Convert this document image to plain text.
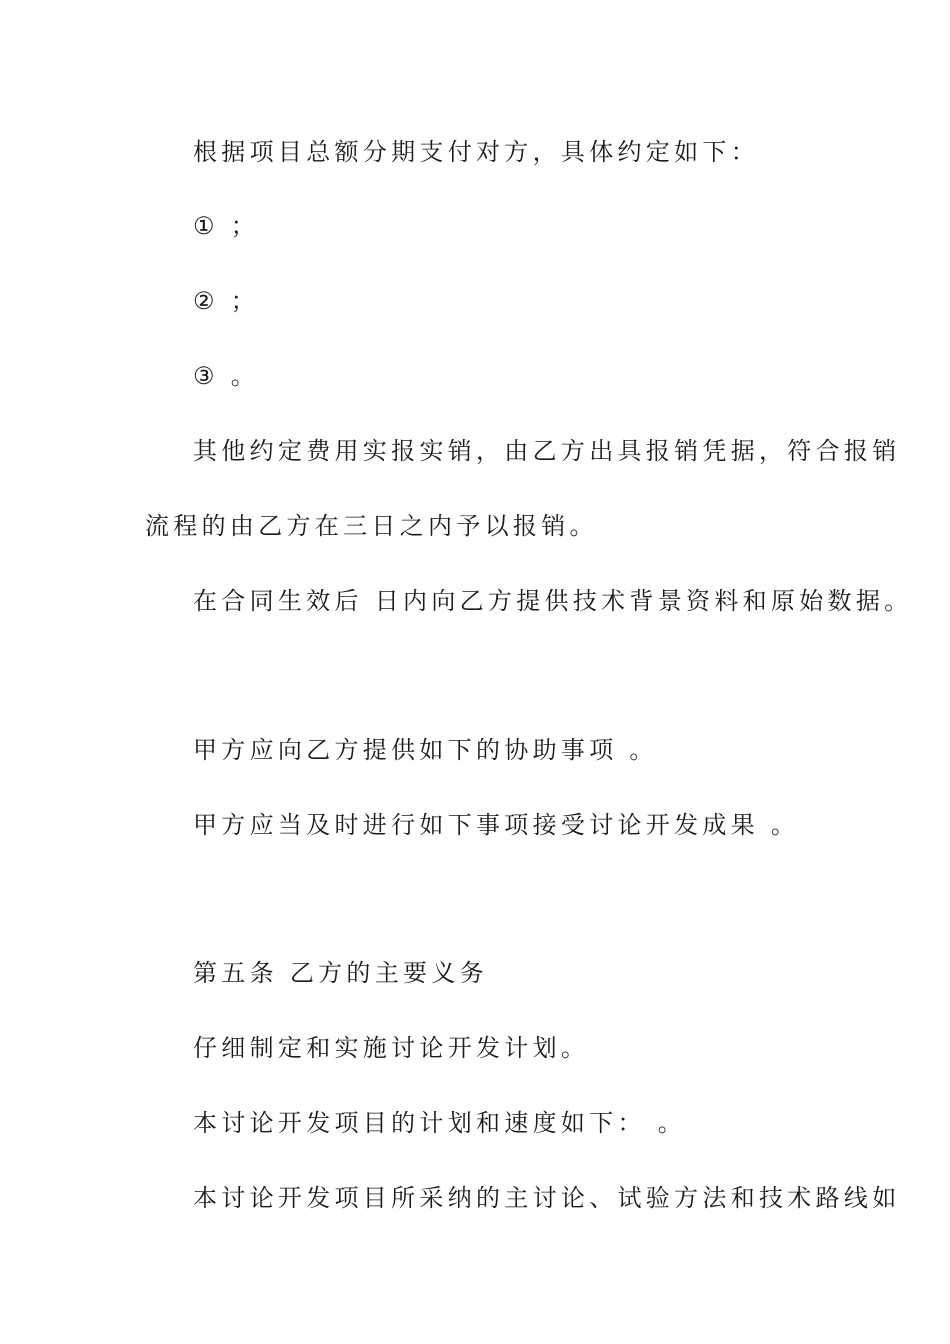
根据项目总额分期支付对方，具体约定如下：
① ；
② ；
③ 。
其他约定费用实报实销，由乙方出具报销凭据，符合报销
流程的由乙方在三日之内予以报销。
在合同生效后 日内向乙方提供技术背景资料和原始数据。
甲方应向乙方提供如下的协助事项 。
甲方应当及时进行如下事项接受讨论开发成果 。
第五条 乙方的主要义务
仔细制定和实施讨论开发计划。
本讨论开发项目的计划和速度如下： 。
本讨论开发项目所采纳的主讨论、试验方法和技术路线如
